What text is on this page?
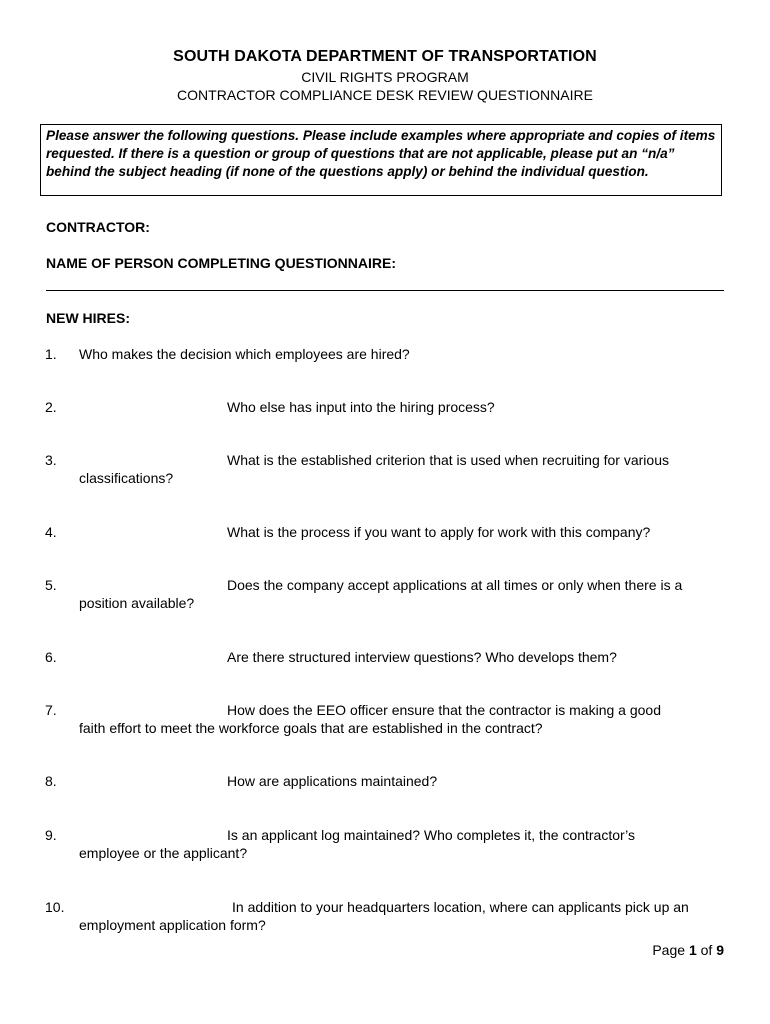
SOUTH DAKOTA DEPARTMENT OF TRANSPORTATION
CIVIL RIGHTS PROGRAM
CONTRACTOR COMPLIANCE DESK REVIEW QUESTIONNAIRE
Please answer the following questions. Please include examples where appropriate and copies of items requested. If there is a question or group of questions that are not applicable, please put an “n/a” behind the subject heading (if none of the questions apply) or behind the individual question.
CONTRACTOR:
NAME OF PERSON COMPLETING QUESTIONNAIRE:
NEW HIRES:
1. Who makes the decision which employees are hired?
2.	Who else has input into the hiring process?
3.	What is the established criterion that is used when recruiting for various
classifications?
4.	What is the process if you want to apply for work with this company?
5.	Does the company accept applications at all times or only when there is a
position available?
6.	Are there structured interview questions? Who develops them?
7.	How does the EEO officer ensure that the contractor is making a good
faith effort to meet the workforce goals that are established in the contract?
8.	How are applications maintained?
9.	Is an applicant log maintained? Who completes it, the contractor’s
employee or the applicant?
10.	In addition to your headquarters location, where can applicants pick up an
employment application form?
Page 1 of 9
